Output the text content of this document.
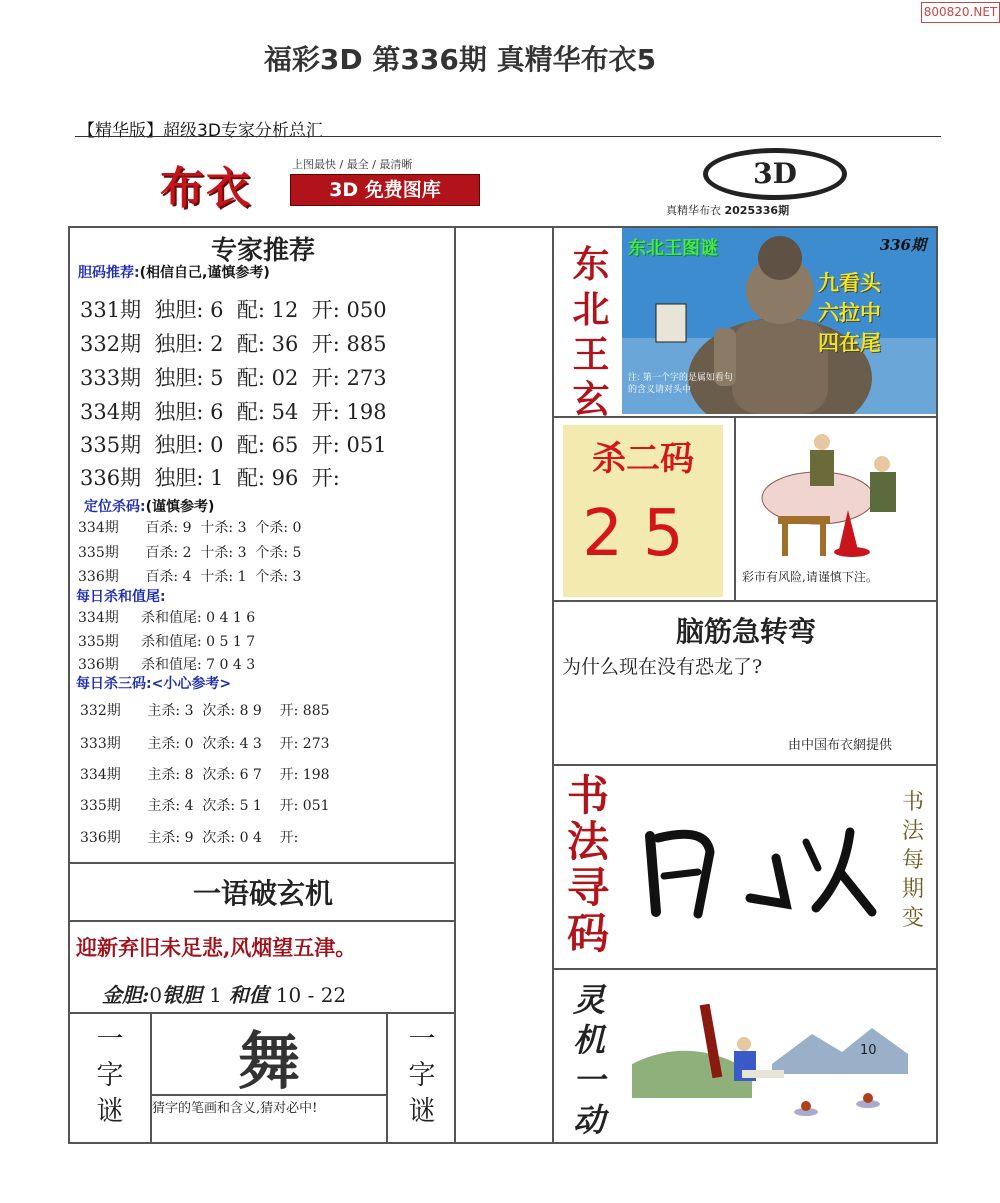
800820.NET
福彩3D 第336期 真精华布衣5
【精华版】超级3D专家分析总汇
布衣	上图最快 / 最全 / 最清晰
3D 免费图库	3D
真精华布衣 2025336期
专家推荐
胆码推荐:(相信自己,谨慎参考)
331期  独胆: 6  配: 12  开: 050
332期  独胆: 2  配: 36  开: 885
333期  独胆: 5  配: 02  开: 273
334期  独胆: 6  配: 54  开: 198
335期  独胆: 0  配: 65  开: 051
336期  独胆: 1  配: 96  开:
定位杀码:(谨慎参考)
334期      百杀: 9  十杀: 3  个杀: 0
335期      百杀: 2  十杀: 3  个杀: 5
336期      百杀: 4  十杀: 1  个杀: 3
每日杀和值尾:
334期     杀和值尾: 0 4 1 6
335期     杀和值尾: 0 5 1 7
336期     杀和值尾: 7 0 4 3
每日杀三码:<小心参考>
332期      主杀: 3  次杀: 8 9    开: 885
333期      主杀: 0  次杀: 4 3    开: 273
334期      主杀: 8  次杀: 6 7    开: 198
335期      主杀: 4  次杀: 5 1    开: 051
336期      主杀: 9  次杀: 0 4    开:
一语破玄机
迎新弃旧未足悲,风烟望五津。
金胆:0银胆 1 和值 10 - 22
一字谜
一字谜
舞
猜字的笔画和含义,猜对必中!
东北王玄
东北王图谜	336期
九看头
六拉中
四在尾
注: 第一个字的是属如看句的含义请对头中
杀二码
25
彩市有风险,请谨慎下注。
脑筋急转弯
为什么现在没有恐龙了?
由中国布衣網提供
书法寻码
书法每期变
灵机一动
10
